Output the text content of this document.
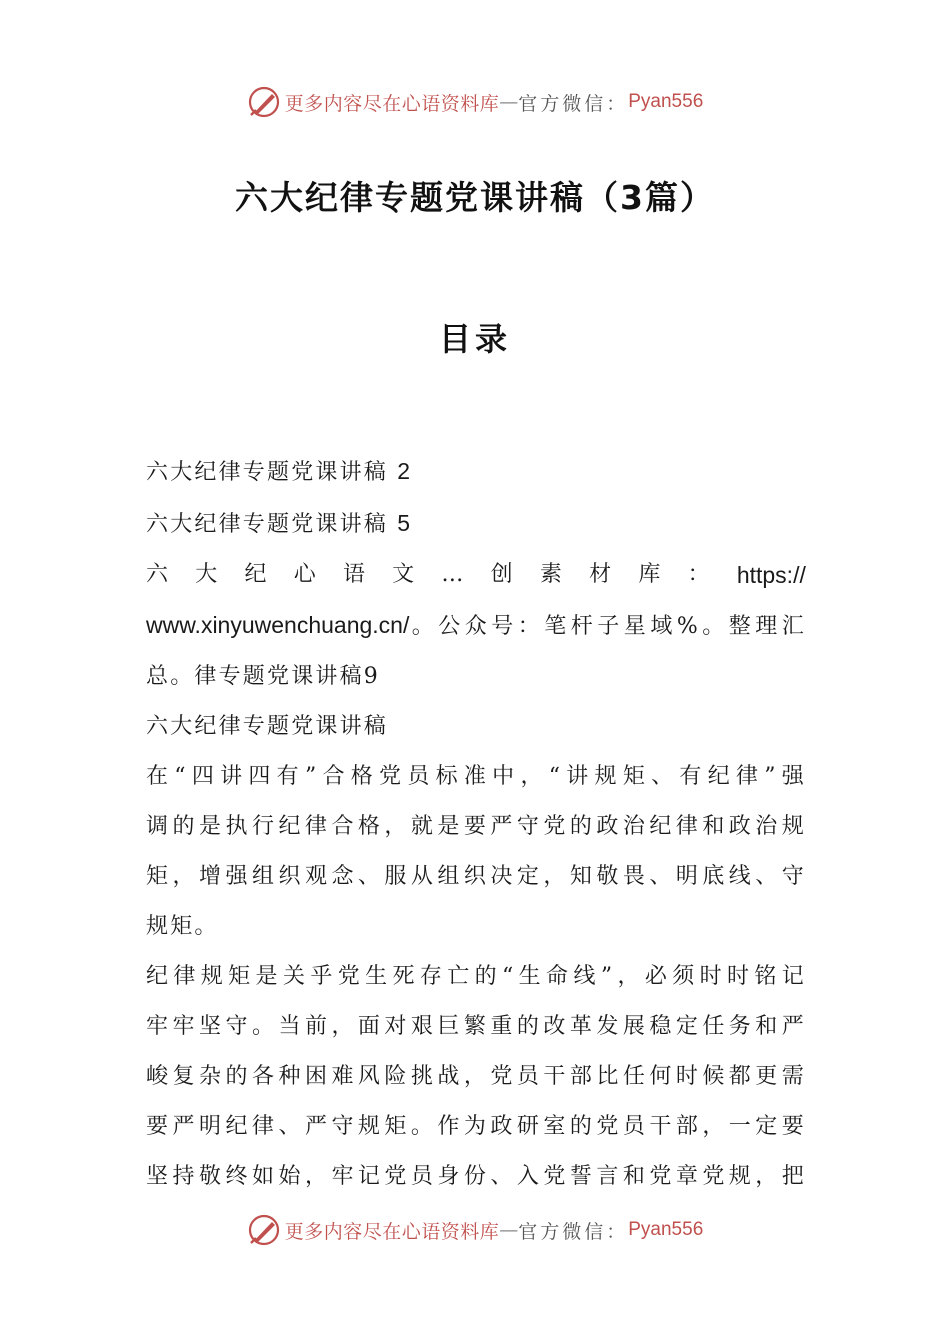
更多内容尽在心语资料库 — 官方微信： Pyan556
六大纪律专题党课讲稿（3篇）
目录

六大纪律专题党课讲稿 2

六大纪律专题党课讲稿 5

六 大 纪 心 语 文 … 创 素 材 库 ： https://

www.xinyuwenchuang.cn/。公众号：笔杆子星域%。整理汇

总。律专题党课讲稿9

六大纪律专题党课讲稿

在“四讲四有”合格党员标准中，“讲规矩、有纪律”强

调的是执行纪律合格，就是要严守党的政治纪律和政治规

矩，增强组织观念、服从组织决定，知敬畏、明底线、守

规矩。

纪律规矩是关乎党生死存亡的“生命线”，必须时时铭记

牢牢坚守。当前，面对艰巨繁重的改革发展稳定任务和严

峻复杂的各种困难风险挑战，党员干部比任何时候都更需

要严明纪律、严守规矩。作为政研室的党员干部，一定要

坚持敬终如始，牢记党员身份、入党誓言和党章党规，把

更多内容尽在心语资料库 — 官方微信： Pyan556
